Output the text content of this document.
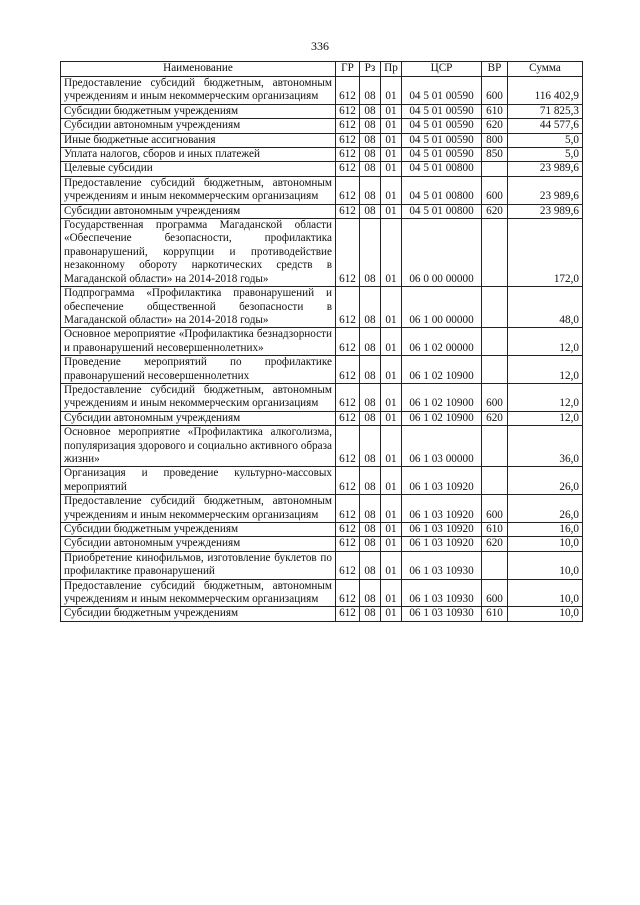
336
Наименование	ГР	Рз	Пр	ЦСР	ВР	Сумма
Предоставление субсидий бюджетным, автономным учреждениям и иным некоммерческим организациям	612	08	01	04 5 01 00590	600	116 402,9
Субсидии бюджетным учреждениям	612	08	01	04 5 01 00590	610	71 825,3
Субсидии автономным учреждениям	612	08	01	04 5 01 00590	620	44 577,6
Иные бюджетные ассигнования	612	08	01	04 5 01 00590	800	5,0
Уплата налогов, сборов и иных платежей	612	08	01	04 5 01 00590	850	5,0
Целевые субсидии	612	08	01	04 5 01 00800		23 989,6
Предоставление субсидий бюджетным, автономным учреждениям и иным некоммерческим организациям	612	08	01	04 5 01 00800	600	23 989,6
Субсидии автономным учреждениям	612	08	01	04 5 01 00800	620	23 989,6
Государственная программа Магаданской области «Обеспечение безопасности, профилактика правонарушений, коррупции и противодействие незаконному обороту наркотических средств в Магаданской области» на 2014-2018 годы»	612	08	01	06 0 00 00000		172,0
Подпрограмма «Профилактика правонарушений и обеспечение общественной безопасности в Магаданской области» на 2014-2018 годы»	612	08	01	06 1 00 00000		48,0
Основное мероприятие «Профилактика безнадзорности и правонарушений несовершеннолетних»	612	08	01	06 1 02 00000		12,0
Проведение мероприятий по профилактике правонарушений несовершеннолетних	612	08	01	06 1 02 10900		12,0
Предоставление субсидий бюджетным, автономным учреждениям и иным некоммерческим организациям	612	08	01	06 1 02 10900	600	12,0
Субсидии автономным учреждениям	612	08	01	06 1 02 10900	620	12,0
Основное мероприятие «Профилактика алкоголизма, популяризация здорового и социально активного образа жизни»	612	08	01	06 1 03 00000		36,0
Организация и проведение культурно-массовых мероприятий	612	08	01	06 1 03 10920		26,0
Предоставление субсидий бюджетным, автономным учреждениям и иным некоммерческим организациям	612	08	01	06 1 03 10920	600	26,0
Субсидии бюджетным учреждениям	612	08	01	06 1 03 10920	610	16,0
Субсидии автономным учреждениям	612	08	01	06 1 03 10920	620	10,0
Приобретение кинофильмов, изготовление буклетов по профилактике правонарушений	612	08	01	06 1 03 10930		10,0
Предоставление субсидий бюджетным, автономным учреждениям и иным некоммерческим организациям	612	08	01	06 1 03 10930	600	10,0
Субсидии бюджетным учреждениям	612	08	01	06 1 03 10930	610	10,0
